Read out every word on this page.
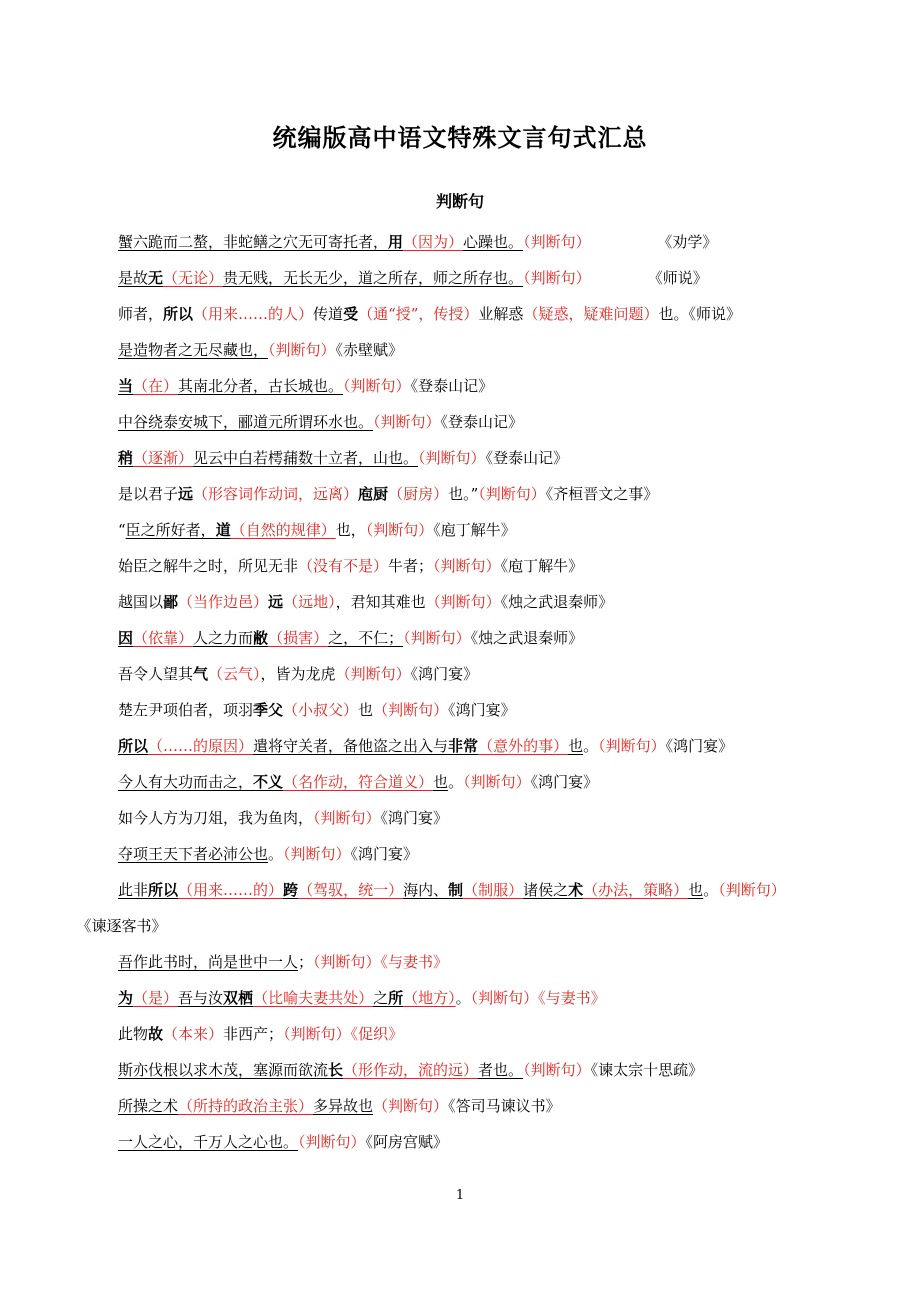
统编版高中语文特殊文言句式汇总
判断句
蟹六跪而二螯，非蛇鳝之穴无可寄托者，用（因为）心躁也。（判断句）              《劝学》
是故无（无论）贵无贱，无长无少，道之所存，师之所存也。（判断句）            《师说》
师者，所以（用来……的人）传道受（通“授”，传授）业解惑（疑惑，疑难问题）也。《师说》
是造物者之无尽藏也，（判断句）《赤壁赋》
当（在）其南北分者，古长城也。（判断句）《登泰山记》
中谷绕泰安城下，郦道元所谓环水也。（判断句）《登泰山记》
稍（逐渐）见云中白若樗蒱数十立者，山也。（判断句）《登泰山记》
是以君子远（形容词作动词，远离）庖厨（厨房）也。”（判断句）《齐桓晋文之事》
“臣之所好者，道（自然的规律）也，（判断句）《庖丁解牛》
始臣之解牛之时，所见无非（没有不是）牛者；（判断句）《庖丁解牛》
越国以鄙（当作边邑）远（远地），君知其难也（判断句）《烛之武退秦师》
因（依靠）人之力而敝（损害）之，不仁；（判断句）《烛之武退秦师》
吾令人望其气（云气），皆为龙虎（判断句）《鸿门宴》
楚左尹项伯者，项羽季父（小叔父）也（判断句）《鸿门宴》
所以（……的原因）遣将守关者，备他盗之出入与非常（意外的事）也。（判断句）《鸿门宴》
今人有大功而击之，不义（名作动，符合道义）也。（判断句）《鸿门宴》
如今人方为刀俎，我为鱼肉，（判断句）《鸿门宴》
夺项王天下者必沛公也。（判断句）《鸿门宴》
此非所以（用来……的）跨（驾驭，统一）海内、制（制服）诸侯之术（办法，策略）也。（判断句）《谏逐客书》
吾作此书时，尚是世中一人；（判断句）《与妻书》
为（是）吾与汝双栖（比喻夫妻共处）之所（地方）。（判断句）《与妻书》
此物故（本来）非西产；（判断句）《促织》
斯亦伐根以求木茂，塞源而欲流长（形作动，流的远）者也。（判断句）《谏太宗十思疏》
所操之术（所持的政治主张）多异故也（判断句）《答司马谏议书》
一人之心，千万人之心也。（判断句）《阿房宫赋》
1
